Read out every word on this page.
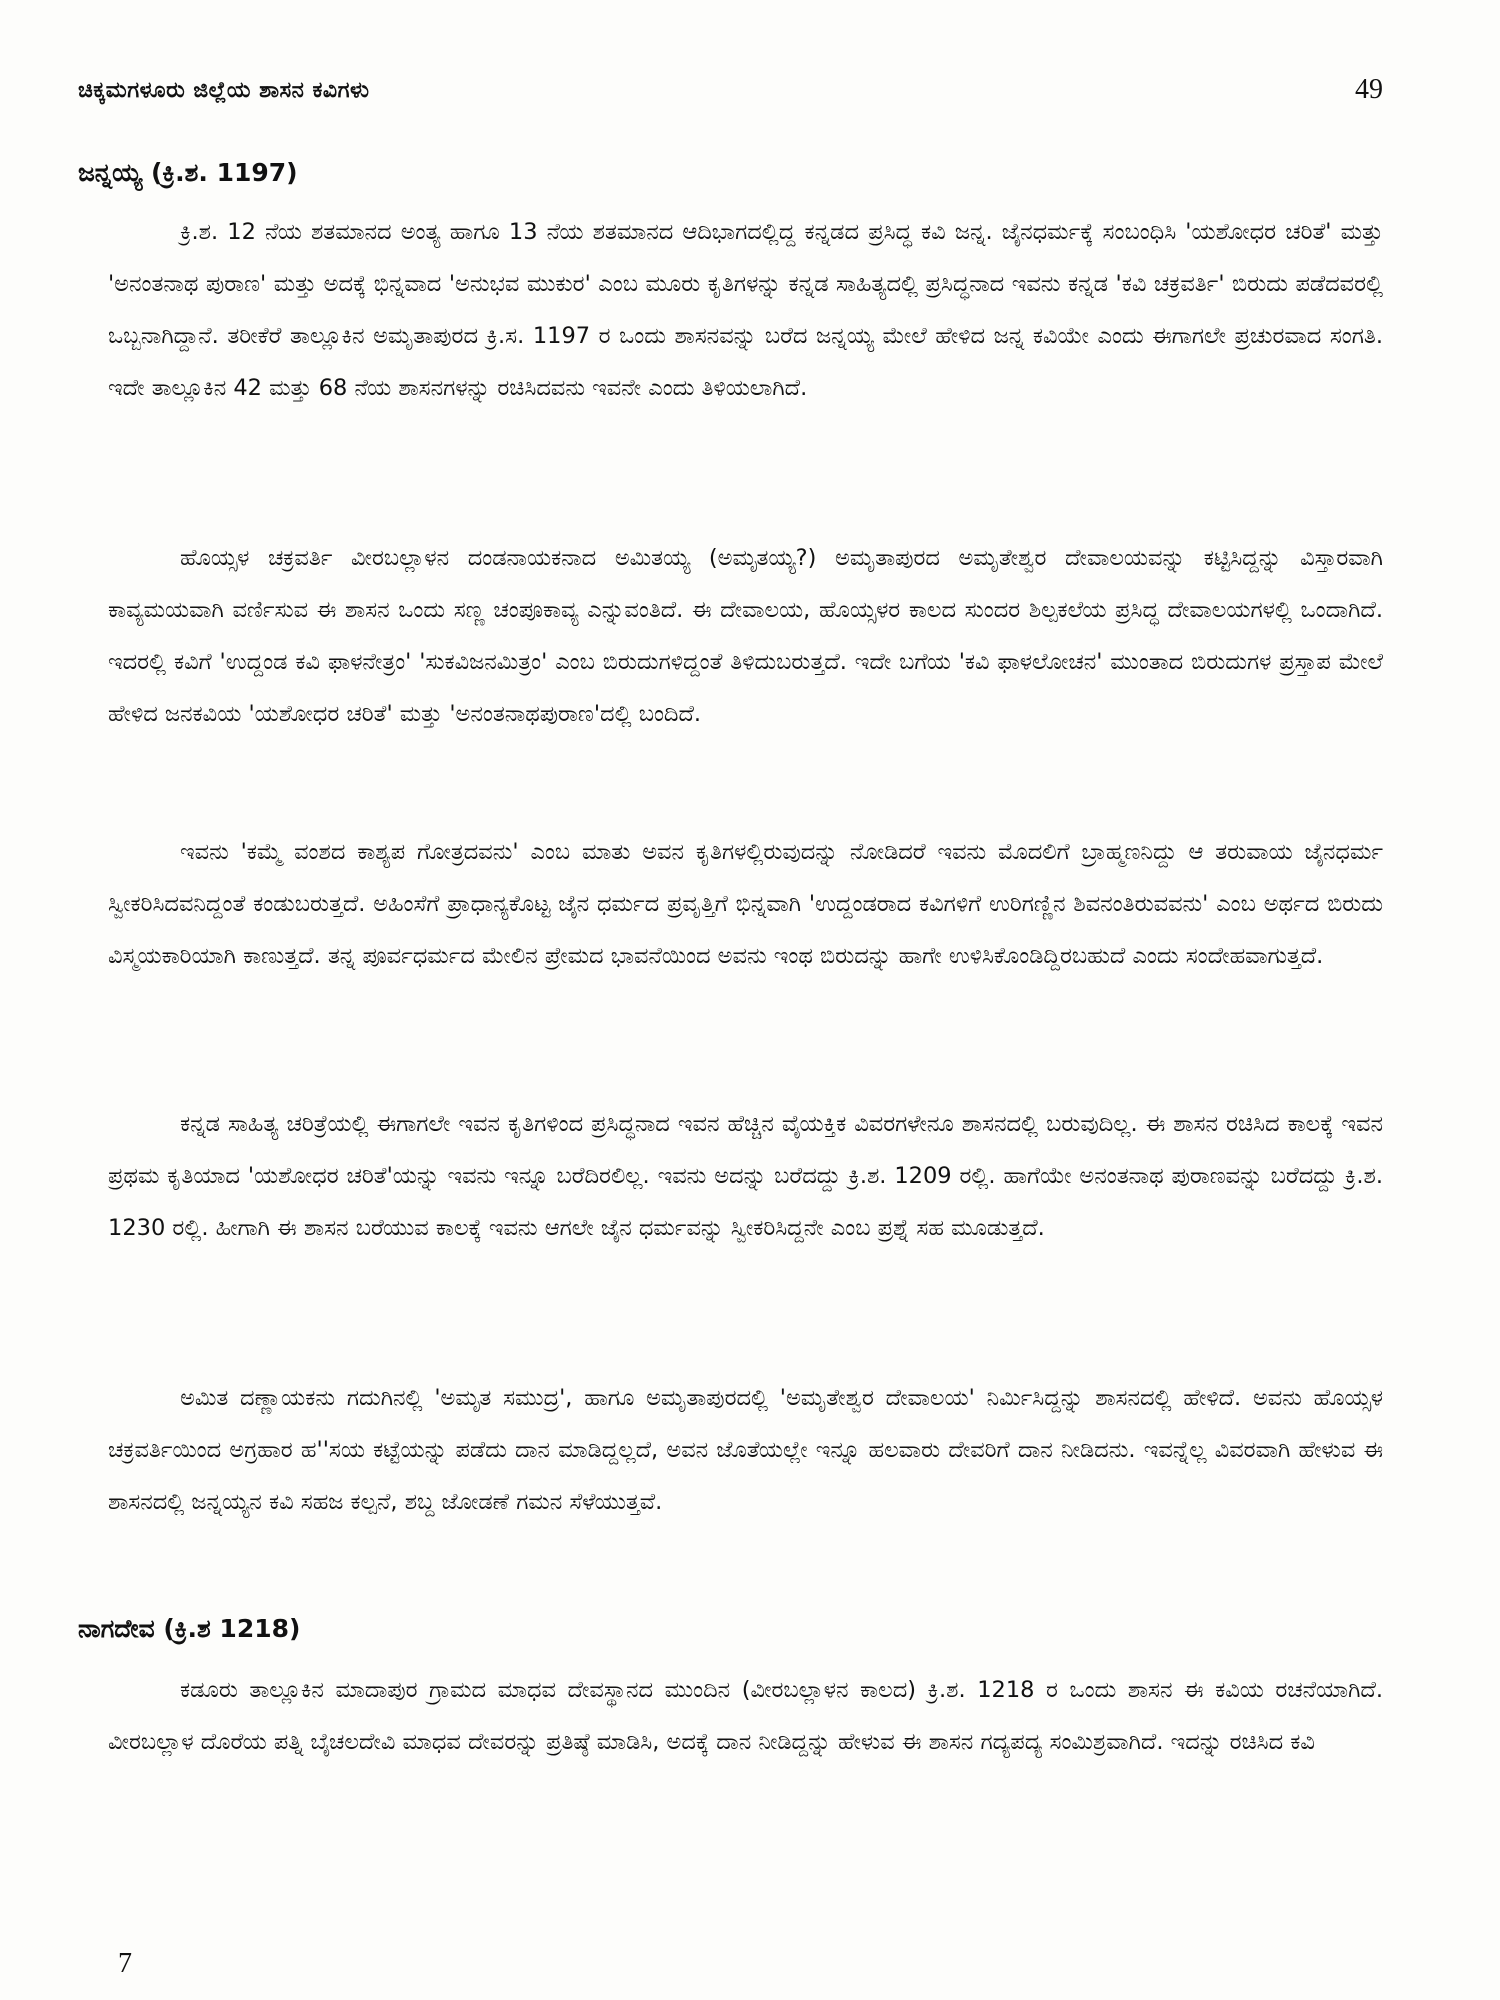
ಚಿಕ್ಕಮಗಳೂರು ಜಿಲ್ಲೆಯ ಶಾಸನ ಕವಿಗಳು	49
ಜನ್ನಯ್ಯ (ಕ್ರಿ.ಶ. 1197)

ಕ್ರಿ.ಶ. 12 ನೆಯ ಶತಮಾನದ ಅಂತ್ಯ ಹಾಗೂ 13 ನೆಯ ಶತಮಾನದ ಆದಿಭಾಗದಲ್ಲಿದ್ದ ಕನ್ನಡದ ಪ್ರಸಿದ್ಧ ಕವಿ ಜನ್ನ. ಜೈನಧರ್ಮಕ್ಕೆ ಸಂಬಂಧಿಸಿ 'ಯಶೋಧರ ಚರಿತೆ' ಮತ್ತು 'ಅನಂತನಾಥ ಪುರಾಣ' ಮತ್ತು ಅದಕ್ಕೆ ಭಿನ್ನವಾದ 'ಅನುಭವ ಮುಕುರ' ಎಂಬ ಮೂರು ಕೃತಿಗಳನ್ನು ಕನ್ನಡ ಸಾಹಿತ್ಯದಲ್ಲಿ ಪ್ರಸಿದ್ಧನಾದ ಇವನು ಕನ್ನಡ 'ಕವಿ ಚಕ್ರವರ್ತಿ' ಬಿರುದು ಪಡೆದವರಲ್ಲಿ ಒಬ್ಬನಾಗಿದ್ದಾನೆ. ತರೀಕೆರೆ ತಾಲ್ಲೂಕಿನ ಅಮೃತಾಪುರದ ಕ್ರಿ.ಸ. 1197 ರ ಒಂದು ಶಾಸನವನ್ನು ಬರೆದ ಜನ್ನಯ್ಯ ಮೇಲೆ ಹೇಳಿದ ಜನ್ನ ಕವಿಯೇ ಎಂದು ಈಗಾಗಲೇ ಪ್ರಚುರವಾದ ಸಂಗತಿ. ಇದೇ ತಾಲ್ಲೂಕಿನ 42 ಮತ್ತು 68 ನೆಯ ಶಾಸನಗಳನ್ನು ರಚಿಸಿದವನು ಇವನೇ ಎಂದು ತಿಳಿಯಲಾಗಿದೆ.

ಹೊಯ್ಸಳ ಚಕ್ರವರ್ತಿ ವೀರಬಲ್ಲಾಳನ ದಂಡನಾಯಕನಾದ ಅಮಿತಯ್ಯ (ಅಮೃತಯ್ಯ?) ಅಮೃತಾಪುರದ ಅಮೃತೇಶ್ವರ ದೇವಾಲಯವನ್ನು ಕಟ್ಟಿಸಿದ್ದನ್ನು ವಿಸ್ತಾರವಾಗಿ ಕಾವ್ಯಮಯವಾಗಿ ವರ್ಣಿಸುವ ಈ ಶಾಸನ ಒಂದು ಸಣ್ಣ ಚಂಪೂಕಾವ್ಯ ಎನ್ನುವಂತಿದೆ. ಈ ದೇವಾಲಯ, ಹೊಯ್ಸಳರ ಕಾಲದ ಸುಂದರ ಶಿಲ್ಪಕಲೆಯ ಪ್ರಸಿದ್ಧ ದೇವಾಲಯಗಳಲ್ಲಿ ಒಂದಾಗಿದೆ. ಇದರಲ್ಲಿ ಕವಿಗೆ 'ಉದ್ದಂಡ ಕವಿ ಫಾಳನೇತ್ರಂ' 'ಸುಕವಿಜನಮಿತ್ರಂ' ಎಂಬ ಬಿರುದುಗಳಿದ್ದಂತೆ ತಿಳಿದುಬರುತ್ತದೆ. ಇದೇ ಬಗೆಯ 'ಕವಿ ಫಾಳಲೋಚನ' ಮುಂತಾದ ಬಿರುದುಗಳ ಪ್ರಸ್ತಾಪ ಮೇಲೆ ಹೇಳಿದ ಜನಕವಿಯ 'ಯಶೋಧರ ಚರಿತೆ' ಮತ್ತು 'ಅನಂತನಾಥಪುರಾಣ'ದಲ್ಲಿ ಬಂದಿದೆ.

ಇವನು 'ಕಮ್ಮೆ ವಂಶದ ಕಾಶ್ಯಪ ಗೋತ್ರದವನು' ಎಂಬ ಮಾತು ಅವನ ಕೃತಿಗಳಲ್ಲಿರುವುದನ್ನು ನೋಡಿದರೆ ಇವನು ಮೊದಲಿಗೆ ಬ್ರಾಹ್ಮಣನಿದ್ದು ಆ ತರುವಾಯ ಜೈನಧರ್ಮ ಸ್ವೀಕರಿಸಿದವನಿದ್ದಂತೆ ಕಂಡುಬರುತ್ತದೆ. ಅಹಿಂಸೆಗೆ ಪ್ರಾಧಾನ್ಯಕೊಟ್ಟ ಜೈನ ಧರ್ಮದ ಪ್ರವೃತ್ತಿಗೆ ಭಿನ್ನವಾಗಿ 'ಉದ್ದಂಡರಾದ ಕವಿಗಳಿಗೆ ಉರಿಗಣ್ಣಿನ ಶಿವನಂತಿರುವವನು' ಎಂಬ ಅರ್ಥದ ಬಿರುದು ವಿಸ್ಮಯಕಾರಿಯಾಗಿ ಕಾಣುತ್ತದೆ. ತನ್ನ ಪೂರ್ವಧರ್ಮದ ಮೇಲಿನ ಪ್ರೇಮದ ಭಾವನೆಯಿಂದ ಅವನು ಇಂಥ ಬಿರುದನ್ನು ಹಾಗೇ ಉಳಿಸಿಕೊಂಡಿದ್ದಿರಬಹುದೆ ಎಂದು ಸಂದೇಹವಾಗುತ್ತದೆ.

ಕನ್ನಡ ಸಾಹಿತ್ಯ ಚರಿತ್ರೆಯಲ್ಲಿ ಈಗಾಗಲೇ ಇವನ ಕೃತಿಗಳಿಂದ ಪ್ರಸಿದ್ಧನಾದ ಇವನ ಹೆಚ್ಚಿನ ವೈಯಕ್ತಿಕ ವಿವರಗಳೇನೂ ಶಾಸನದಲ್ಲಿ ಬರುವುದಿಲ್ಲ. ಈ ಶಾಸನ ರಚಿಸಿದ ಕಾಲಕ್ಕೆ ಇವನ ಪ್ರಥಮ ಕೃತಿಯಾದ 'ಯಶೋಧರ ಚರಿತೆ'ಯನ್ನು ಇವನು ಇನ್ನೂ ಬರೆದಿರಲಿಲ್ಲ. ಇವನು ಅದನ್ನು ಬರೆದದ್ದು ಕ್ರಿ.ಶ. 1209 ರಲ್ಲಿ. ಹಾಗೆಯೇ ಅನಂತನಾಥ ಪುರಾಣವನ್ನು ಬರೆದದ್ದು ಕ್ರಿ.ಶ. 1230 ರಲ್ಲಿ. ಹೀಗಾಗಿ ಈ ಶಾಸನ ಬರೆಯುವ ಕಾಲಕ್ಕೆ ಇವನು ಆಗಲೇ ಜೈನ ಧರ್ಮವನ್ನು ಸ್ವೀಕರಿಸಿದ್ದನೇ ಎಂಬ ಪ್ರಶ್ನೆ ಸಹ ಮೂಡುತ್ತದೆ.

ಅಮಿತ ದಣ್ಣಾಯಕನು ಗದುಗಿನಲ್ಲಿ 'ಅಮೃತ ಸಮುದ್ರ', ಹಾಗೂ ಅಮೃತಾಪುರದಲ್ಲಿ 'ಅಮೃತೇಶ್ವರ ದೇವಾಲಯ' ನಿರ್ಮಿಸಿದ್ದನ್ನು ಶಾಸನದಲ್ಲಿ ಹೇಳಿದೆ. ಅವನು ಹೊಯ್ಸಳ ಚಕ್ರವರ್ತಿಯಿಂದ ಅಗ್ರಹಾರ ಹ''ಸಯ ಕಟ್ಟೆಯನ್ನು ಪಡೆದು ದಾನ ಮಾಡಿದ್ದಲ್ಲದೆ, ಅವನ ಜೊತೆಯಲ್ಲೇ ಇನ್ನೂ ಹಲವಾರು ದೇವರಿಗೆ ದಾನ ನೀಡಿದನು. ಇವನ್ನೆಲ್ಲ ವಿವರವಾಗಿ ಹೇಳುವ ಈ ಶಾಸನದಲ್ಲಿ ಜನ್ನಯ್ಯನ ಕವಿ ಸಹಜ ಕಲ್ಪನೆ, ಶಬ್ದ ಜೋಡಣೆ ಗಮನ ಸೆಳೆಯುತ್ತವೆ.

ನಾಗದೇವ (ಕ್ರಿ.ಶ 1218)

ಕಡೂರು ತಾಲ್ಲೂಕಿನ ಮಾದಾಪುರ ಗ್ರಾಮದ ಮಾಧವ ದೇವಸ್ಥಾನದ ಮುಂದಿನ (ವೀರಬಲ್ಲಾಳನ ಕಾಲದ) ಕ್ರಿ.ಶ. 1218 ರ ಒಂದು ಶಾಸನ ಈ ಕವಿಯ ರಚನೆಯಾಗಿದೆ. ವೀರಬಲ್ಲಾಳ ದೊರೆಯ ಪತ್ನಿ ಬೈಚಲದೇವಿ ಮಾಧವ ದೇವರನ್ನು ಪ್ರತಿಷ್ಠೆ ಮಾಡಿಸಿ, ಅದಕ್ಕೆ ದಾನ ನೀಡಿದ್ದನ್ನು ಹೇಳುವ ಈ ಶಾಸನ ಗದ್ಯಪದ್ಯ ಸಂಮಿಶ್ರವಾಗಿದೆ. ಇದನ್ನು ರಚಿಸಿದ ಕವಿ

7
